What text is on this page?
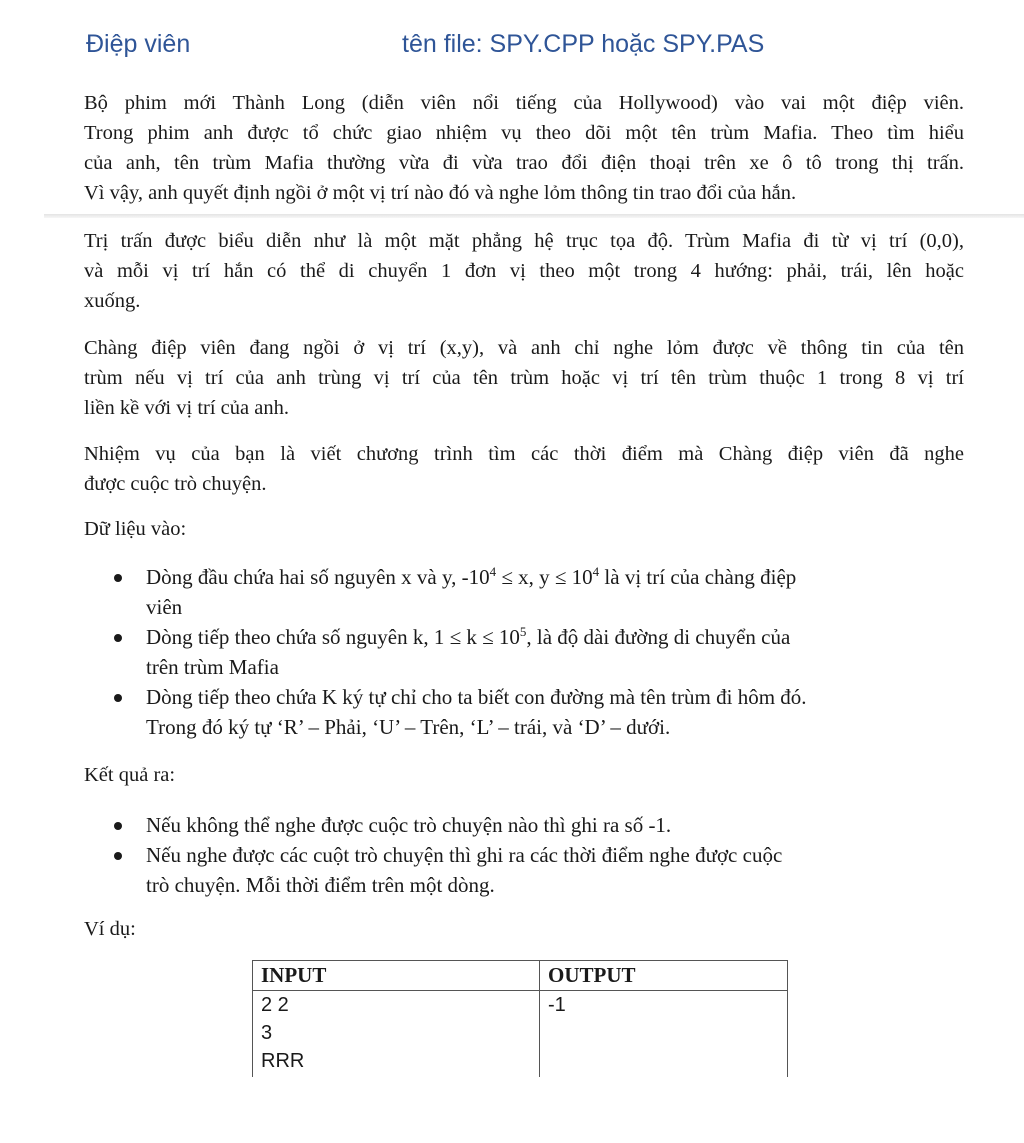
Điệp viên	tên file: SPY.CPP hoặc SPY.PAS
Bộ phim mới Thành Long (diễn viên nổi tiếng của Hollywood) vào vai một điệp viên.
Trong phim anh được tổ chức giao nhiệm vụ theo dõi một tên trùm Mafia. Theo tìm hiểu
của anh, tên trùm Mafia thường vừa đi vừa trao đổi điện thoại trên xe ô tô trong thị trấn.
Vì vậy, anh quyết định ngồi ở một vị trí nào đó và nghe lỏm thông tin trao đổi của hắn.
Trị trấn được biểu diễn như là một mặt phẳng hệ trục tọa độ. Trùm Mafia đi từ vị trí (0,0),
và mỗi vị trí hắn có thể di chuyển 1 đơn vị theo một trong 4 hướng: phải, trái, lên hoặc
xuống.
Chàng điệp viên đang ngồi ở vị trí (x,y), và anh chỉ nghe lỏm được về thông tin của tên
trùm nếu vị trí của anh trùng vị trí của tên trùm hoặc vị trí tên trùm thuộc 1 trong 8 vị trí
liền kề với vị trí của anh.
Nhiệm vụ của bạn là viết chương trình tìm các thời điểm mà Chàng điệp viên đã nghe
được cuộc trò chuyện.
Dữ liệu vào:
Dòng đầu chứa hai số nguyên x và y, $-10^4 \le x$, $y \le 10^4$ là vị trí của chàng điệp
viên
Dòng tiếp theo chứa số nguyên k, $1 \le k \le 10^5$, là độ dài đường di chuyển của
trên trùm Mafia
Dòng tiếp theo chứa K ký tự chỉ cho ta biết con đường mà tên trùm đi hôm đó.
Trong đó ký tự ‘R’ – Phải, ‘U’ – Trên, ‘L’ – trái, và ‘D’ – dưới.
Kết quả ra:
Nếu không thể nghe được cuộc trò chuyện nào thì ghi ra số -1.
Nếu nghe được các cuột trò chuyện thì ghi ra các thời điểm nghe được cuộc
trò chuyện. Mỗi thời điểm trên một dòng.
Ví dụ:
INPUT	OUTPUT

2 2
3
RRR	-1
